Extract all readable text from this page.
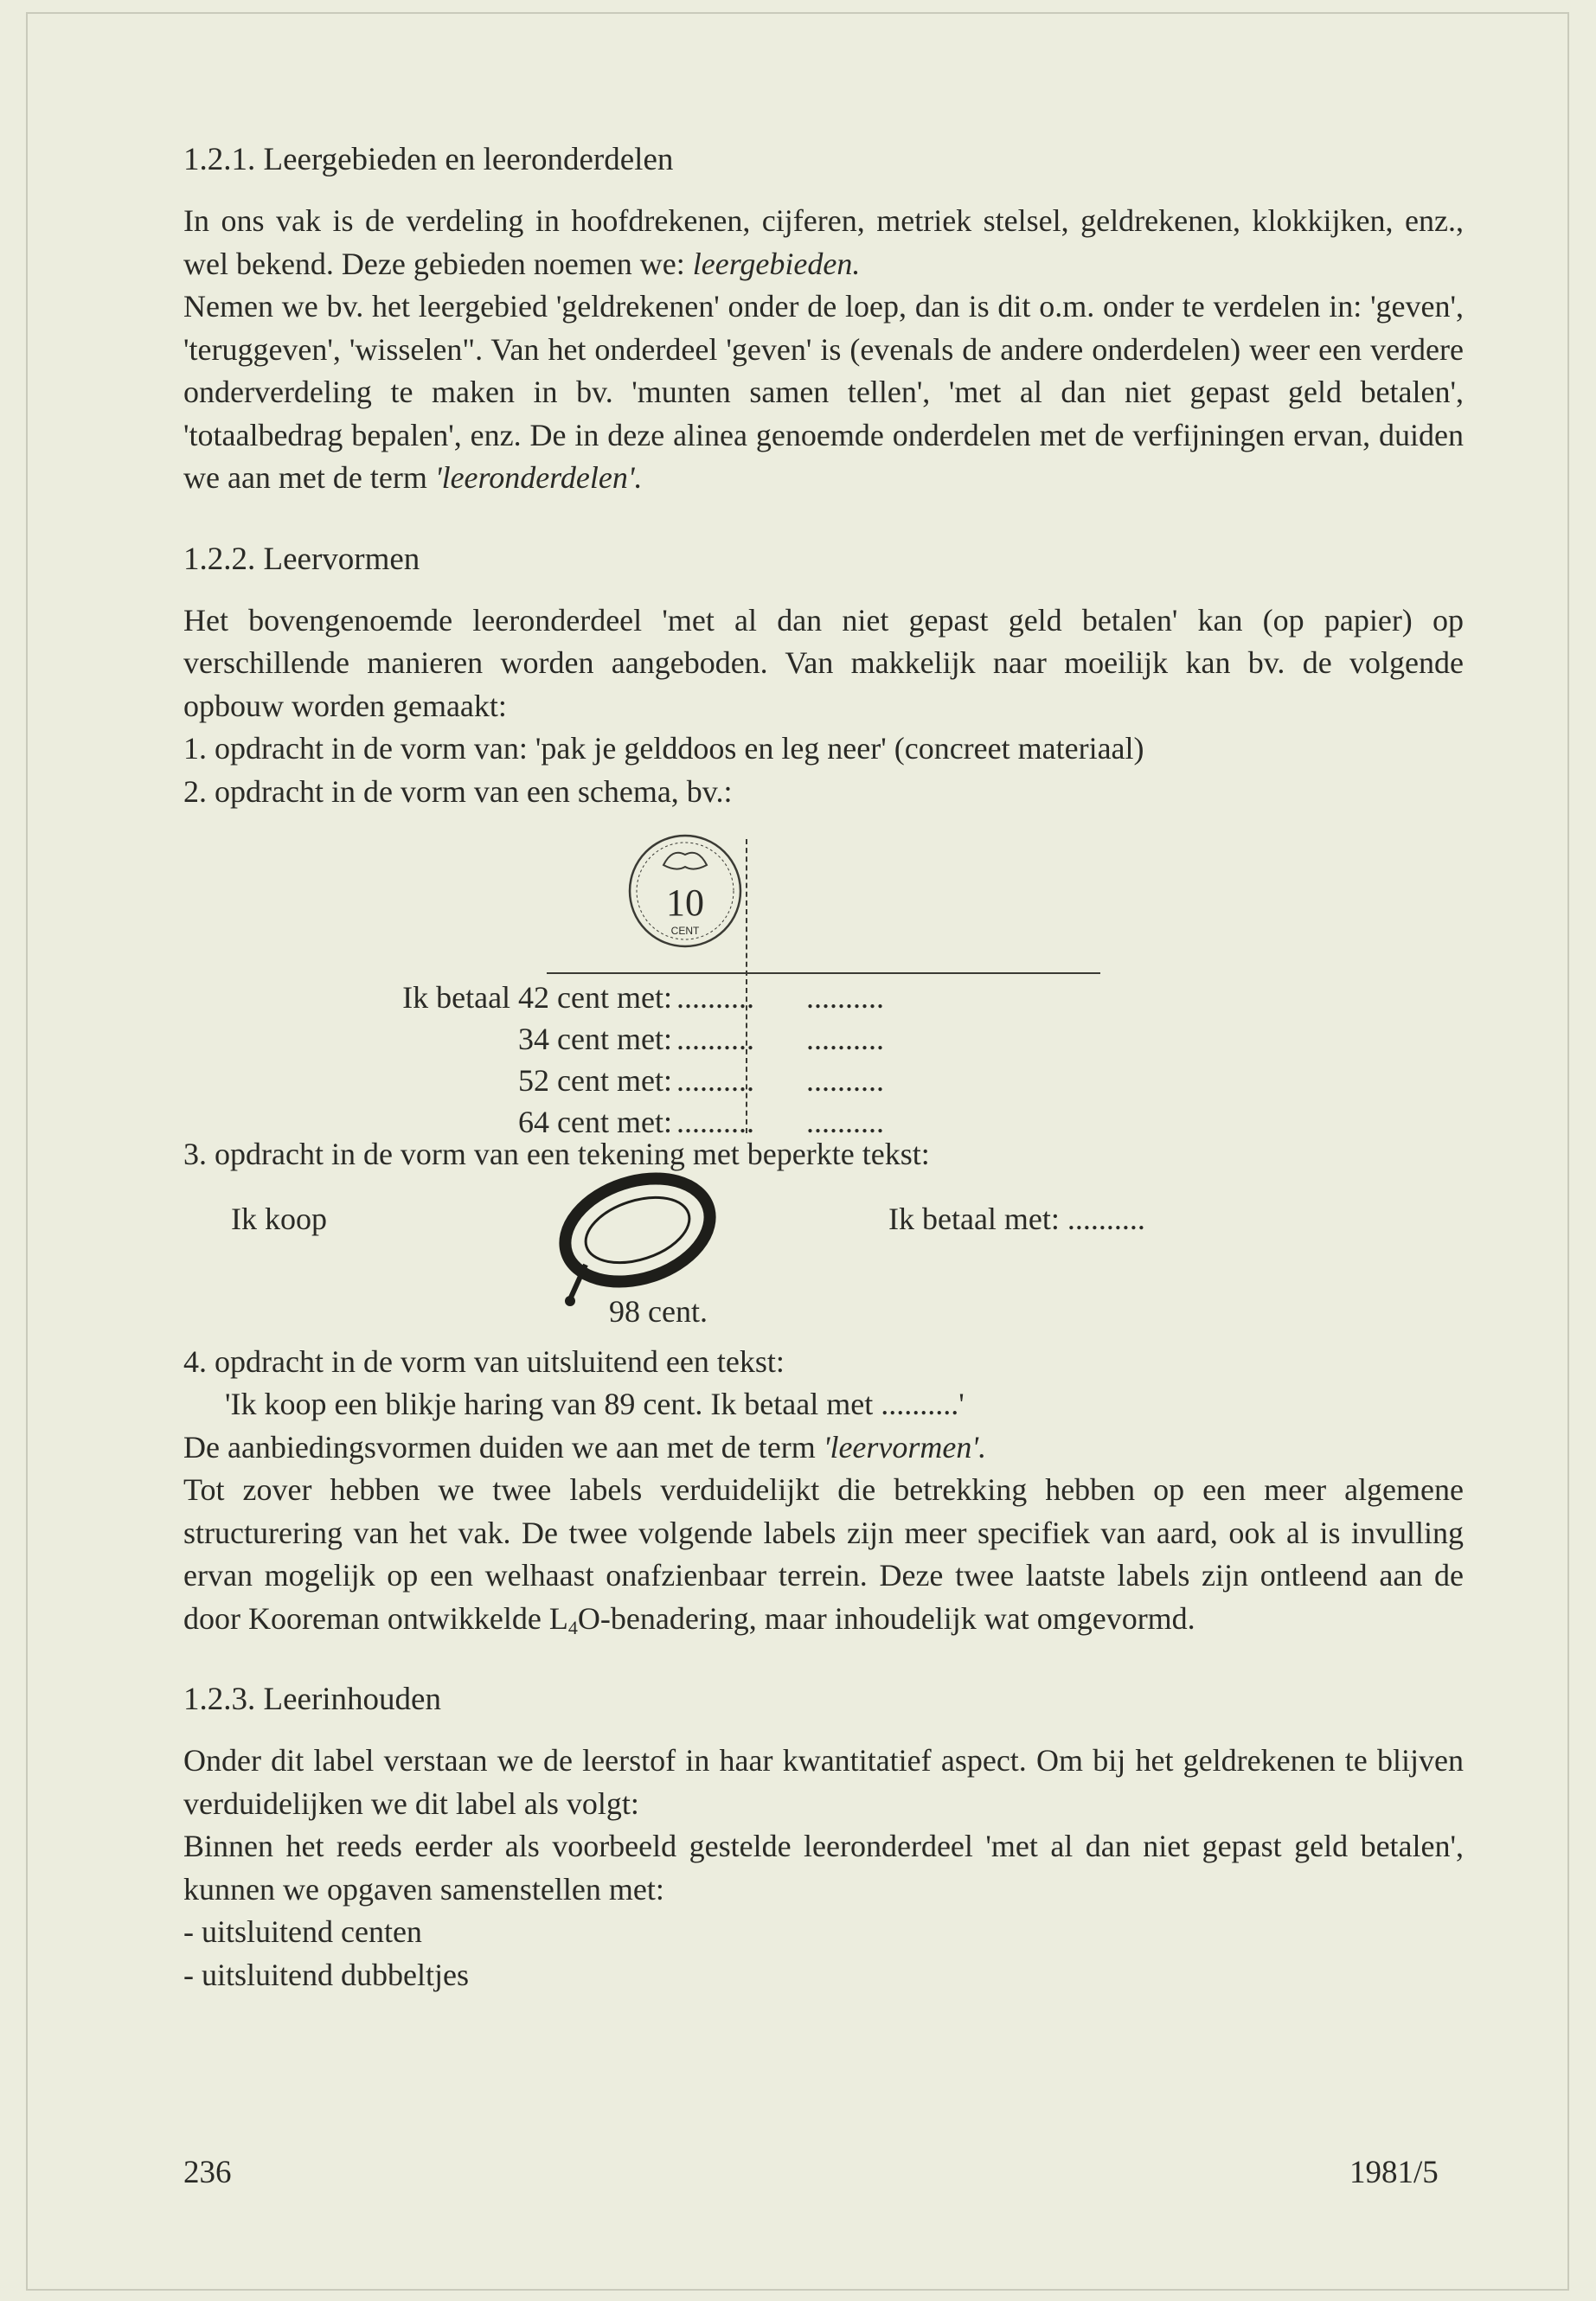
1.2.1. Leergebieden en leeronderdelen

In ons vak is de verdeling in hoofdrekenen, cijferen, metriek stelsel, geldrekenen, klokkijken, enz., wel bekend. Deze gebieden noemen we: leergebieden.

Nemen we bv. het leergebied 'geldrekenen' onder de loep, dan is dit o.m. onder te verdelen in: 'geven', 'teruggeven', 'wisselen". Van het onderdeel 'geven' is (evenals de andere onderdelen) weer een verdere onderverdeling te maken in bv. 'munten samen tellen', 'met al dan niet gepast geld betalen', 'totaalbedrag bepalen', enz. De in deze alinea genoemde onderdelen met de verfijningen ervan, duiden we aan met de term 'leeronderdelen'.

1.2.2. Leervormen

Het bovengenoemde leeronderdeel 'met al dan niet gepast geld betalen' kan (op papier) op verschillende manieren worden aangeboden. Van makkelijk naar moeilijk kan bv. de volgende opbouw worden gemaakt:

1. opdracht in de vorm van: 'pak je gelddoos en leg neer' (concreet materiaal)
2. opdracht in de vorm van een schema, bv.:
10
CENT
Ik betaal 42 cent met: .......... ..........
34 cent met: .......... ..........
52 cent met: .......... ..........
64 cent met: .......... ..........
3. opdracht in de vorm van een tekening met beperkte tekst:
Ik koop
98 cent.
Ik betaal met: ..........
4. opdracht in de vorm van uitsluitend een tekst:
'Ik koop een blikje haring van 89 cent. Ik betaal met ..........'

De aanbiedingsvormen duiden we aan met de term 'leervormen'.

Tot zover hebben we twee labels verduidelijkt die betrekking hebben op een meer algemene structurering van het vak. De twee volgende labels zijn meer specifiek van aard, ook al is invulling ervan mogelijk op een welhaast onafzienbaar terrein. Deze twee laatste labels zijn ontleend aan de door Kooreman ontwikkelde $L_4O$-benadering, maar inhoudelijk wat omgevormd.

1.2.3. Leerinhouden

Onder dit label verstaan we de leerstof in haar kwantitatief aspect. Om bij het geldrekenen te blijven verduidelijken we dit label als volgt:

Binnen het reeds eerder als voorbeeld gestelde leeronderdeel 'met al dan niet gepast geld betalen', kunnen we opgaven samenstellen met:

- uitsluitend centen
- uitsluitend dubbeltjes
236	1981/5
